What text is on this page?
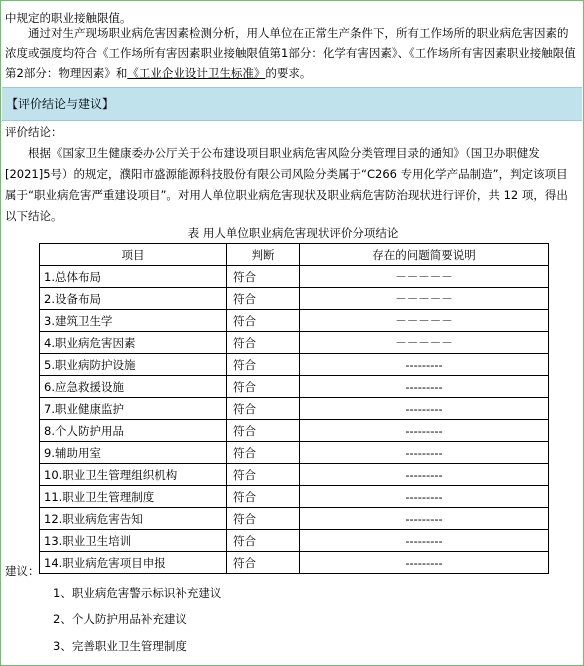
中规定的职业接触限值。
通过对生产现场职业病危害因素检测分析，用人单位在正常生产条件下，所有工作场所的职业病危害因素的浓度或强度均符合《工作场所有害因素职业接触限值第1部分：化学有害因素》、《工作场所有害因素职业接触限值第2部分：物理因素》和《工业企业设计卫生标准》的要求。
【评价结论与建议】
评价结论：
根据《国家卫生健康委办公厅关于公布建设项目职业病危害风险分类管理目录的通知》（国卫办职健发[2021]5号）的规定，濮阳市盛源能源科技股份有限公司风险分类属于“C266 专用化学产品制造”，判定该项目属于“职业病危害严重建设项目”。对用人单位职业病危害现状及职业病危害防治现状进行评价，共 12 项，得出以下结论。
表 用人单位职业病危害现状评价分项结论
项目	判断	存在的问题简要说明
1.总体布局	符合	－－－－－
2.设备布局	符合	－－－－－
3.建筑卫生学	符合	－－－－－
4.职业病危害因素	符合	－－－－－
5.职业病防护设施	符合	---------
6.应急救援设施	符合	---------
7.职业健康监护	符合	---------
8.个人防护用品	符合	---------
9.辅助用室	符合	---------
10.职业卫生管理组织机构	符合	---------
11.职业卫生管理制度	符合	---------
12.职业病危害告知	符合	---------
13.职业卫生培训	符合	---------
14.职业病危害项目申报	符合	---------
建议：
1、职业病危害警示标识补充建议
2、个人防护用品补充建议
3、完善职业卫生管理制度
